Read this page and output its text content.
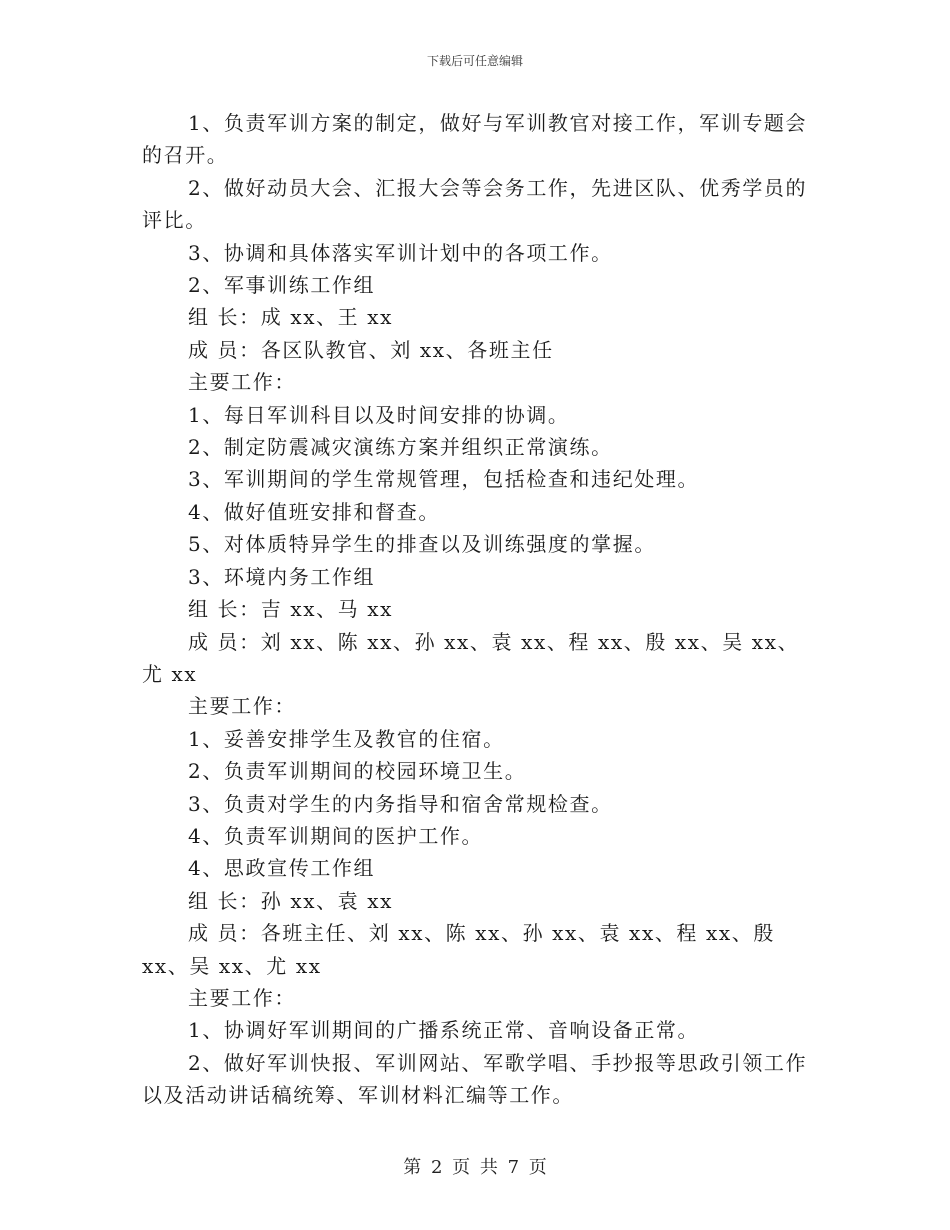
下载后可任意编辑

1、负责军训方案的制定，做好与军训教官对接工作，军训专题会的召开。

2、做好动员大会、汇报大会等会务工作，先进区队、优秀学员的评比。

3、协调和具体落实军训计划中的各项工作。

2、军事训练工作组

组 长：成 xx、王 xx

成 员：各区队教官、刘 xx、各班主任

主要工作：

1、每日军训科目以及时间安排的协调。

2、制定防震减灾演练方案并组织正常演练。

3、军训期间的学生常规管理，包括检查和违纪处理。

4、做好值班安排和督查。

5、对体质特异学生的排查以及训练强度的掌握。

3、环境内务工作组

组 长：吉 xx、马 xx

成 员：刘 xx、陈 xx、孙 xx、袁 xx、程 xx、殷 xx、吴 xx、尤 xx

主要工作：

1、妥善安排学生及教官的住宿。

2、负责军训期间的校园环境卫生。

3、负责对学生的内务指导和宿舍常规检查。

4、负责军训期间的医护工作。

4、思政宣传工作组

组 长：孙 xx、袁 xx

成 员：各班主任、刘 xx、陈 xx、孙 xx、袁 xx、程 xx、殷 xx、吴 xx、尤 xx

主要工作：

1、协调好军训期间的广播系统正常、音响设备正常。

2、做好军训快报、军训网站、军歌学唱、手抄报等思政引领工作以及活动讲话稿统筹、军训材料汇编等工作。

第 2 页 共 7 页
